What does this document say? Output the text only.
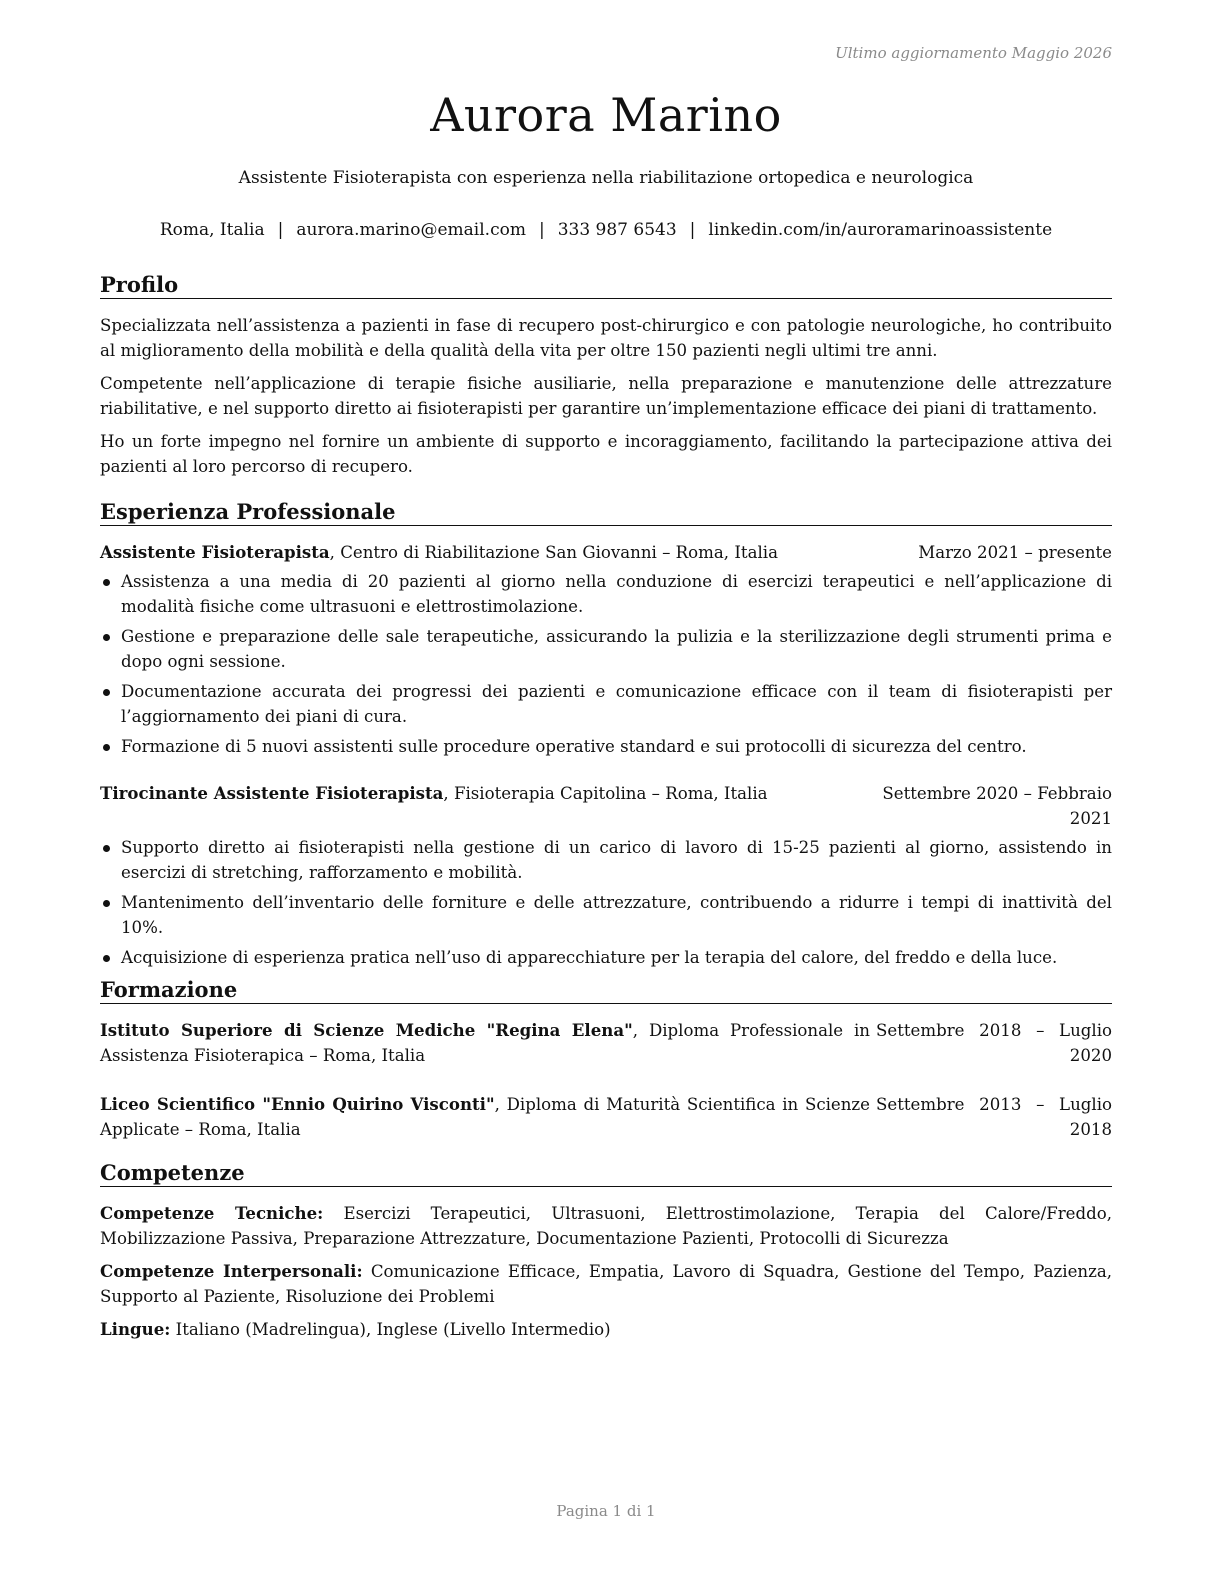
Ultimo aggiornamento Maggio 2026
Aurora Marino
Assistente Fisioterapista con esperienza nella riabilitazione ortopedica e neurologica
Roma, Italia | aurora.marino@email.com | 333 987 6543 | linkedin.com/in/auroramarinoassistente
Profilo

Specializzata nell’assistenza a pazienti in fase di recupero post-chirurgico e con patologie neurologiche, ho contribuito al miglioramento della mobilità e della qualità della vita per oltre 150 pazienti negli ultimi tre anni.

Competente nell’applicazione di terapie fisiche ausiliarie, nella preparazione e manutenzione delle attrezzature riabilitative, e nel supporto diretto ai fisioterapisti per garantire un’implementazione efficace dei piani di trattamento.

Ho un forte impegno nel fornire un ambiente di supporto e incoraggiamento, facilitando la partecipazione attiva dei pazienti al loro percorso di recupero.

Esperienza Professionale
Assistente Fisioterapista, Centro di Riabilitazione San Giovanni – Roma, Italia	Marzo 2021 – presente
Assistenza a una media di 20 pazienti al giorno nella conduzione di esercizi terapeutici e nell’applicazione di modalità fisiche come ultrasuoni e elettrostimolazione.
Gestione e preparazione delle sale terapeutiche, assicurando la pulizia e la sterilizzazione degli strumenti prima e dopo ogni sessione.
Documentazione accurata dei progressi dei pazienti e comunicazione efficace con il team di fisioterapisti per l’aggiornamento dei piani di cura.
Formazione di 5 nuovi assistenti sulle procedure operative standard e sui protocolli di sicurezza del centro.
Tirocinante Assistente Fisioterapista, Fisioterapia Capitolina – Roma, Italia	Settembre 2020 – Febbraio 2021
Supporto diretto ai fisioterapisti nella gestione di un carico di lavoro di 15-25 pazienti al giorno, assistendo in esercizi di stretching, rafforzamento e mobilità.
Mantenimento dell’inventario delle forniture e delle attrezzature, contribuendo a ridurre i tempi di inattività del 10%.
Acquisizione di esperienza pratica nell’uso di apparecchiature per la terapia del calore, del freddo e della luce.
Formazione
Istituto Superiore di Scienze Mediche "Regina Elena", Diploma Professionale in Assistenza Fisioterapica – Roma, Italia
Settembre 2018 – Luglio
2020
Liceo Scientifico "Ennio Quirino Visconti", Diploma di Maturità Scientifica in Scienze Applicate – Roma, Italia
Settembre 2013 – Luglio
2018
Competenze

Competenze Tecniche: Esercizi Terapeutici, Ultrasuoni, Elettrostimolazione, Terapia del Calore/Freddo, Mobilizzazione Passiva, Preparazione Attrezzature, Documentazione Pazienti, Protocolli di Sicurezza

Competenze Interpersonali: Comunicazione Efficace, Empatia, Lavoro di Squadra, Gestione del Tempo, Pazienza, Supporto al Paziente, Risoluzione dei Problemi

Lingue: Italiano (Madrelingua), Inglese (Livello Intermedio)

Pagina 1 di 1
